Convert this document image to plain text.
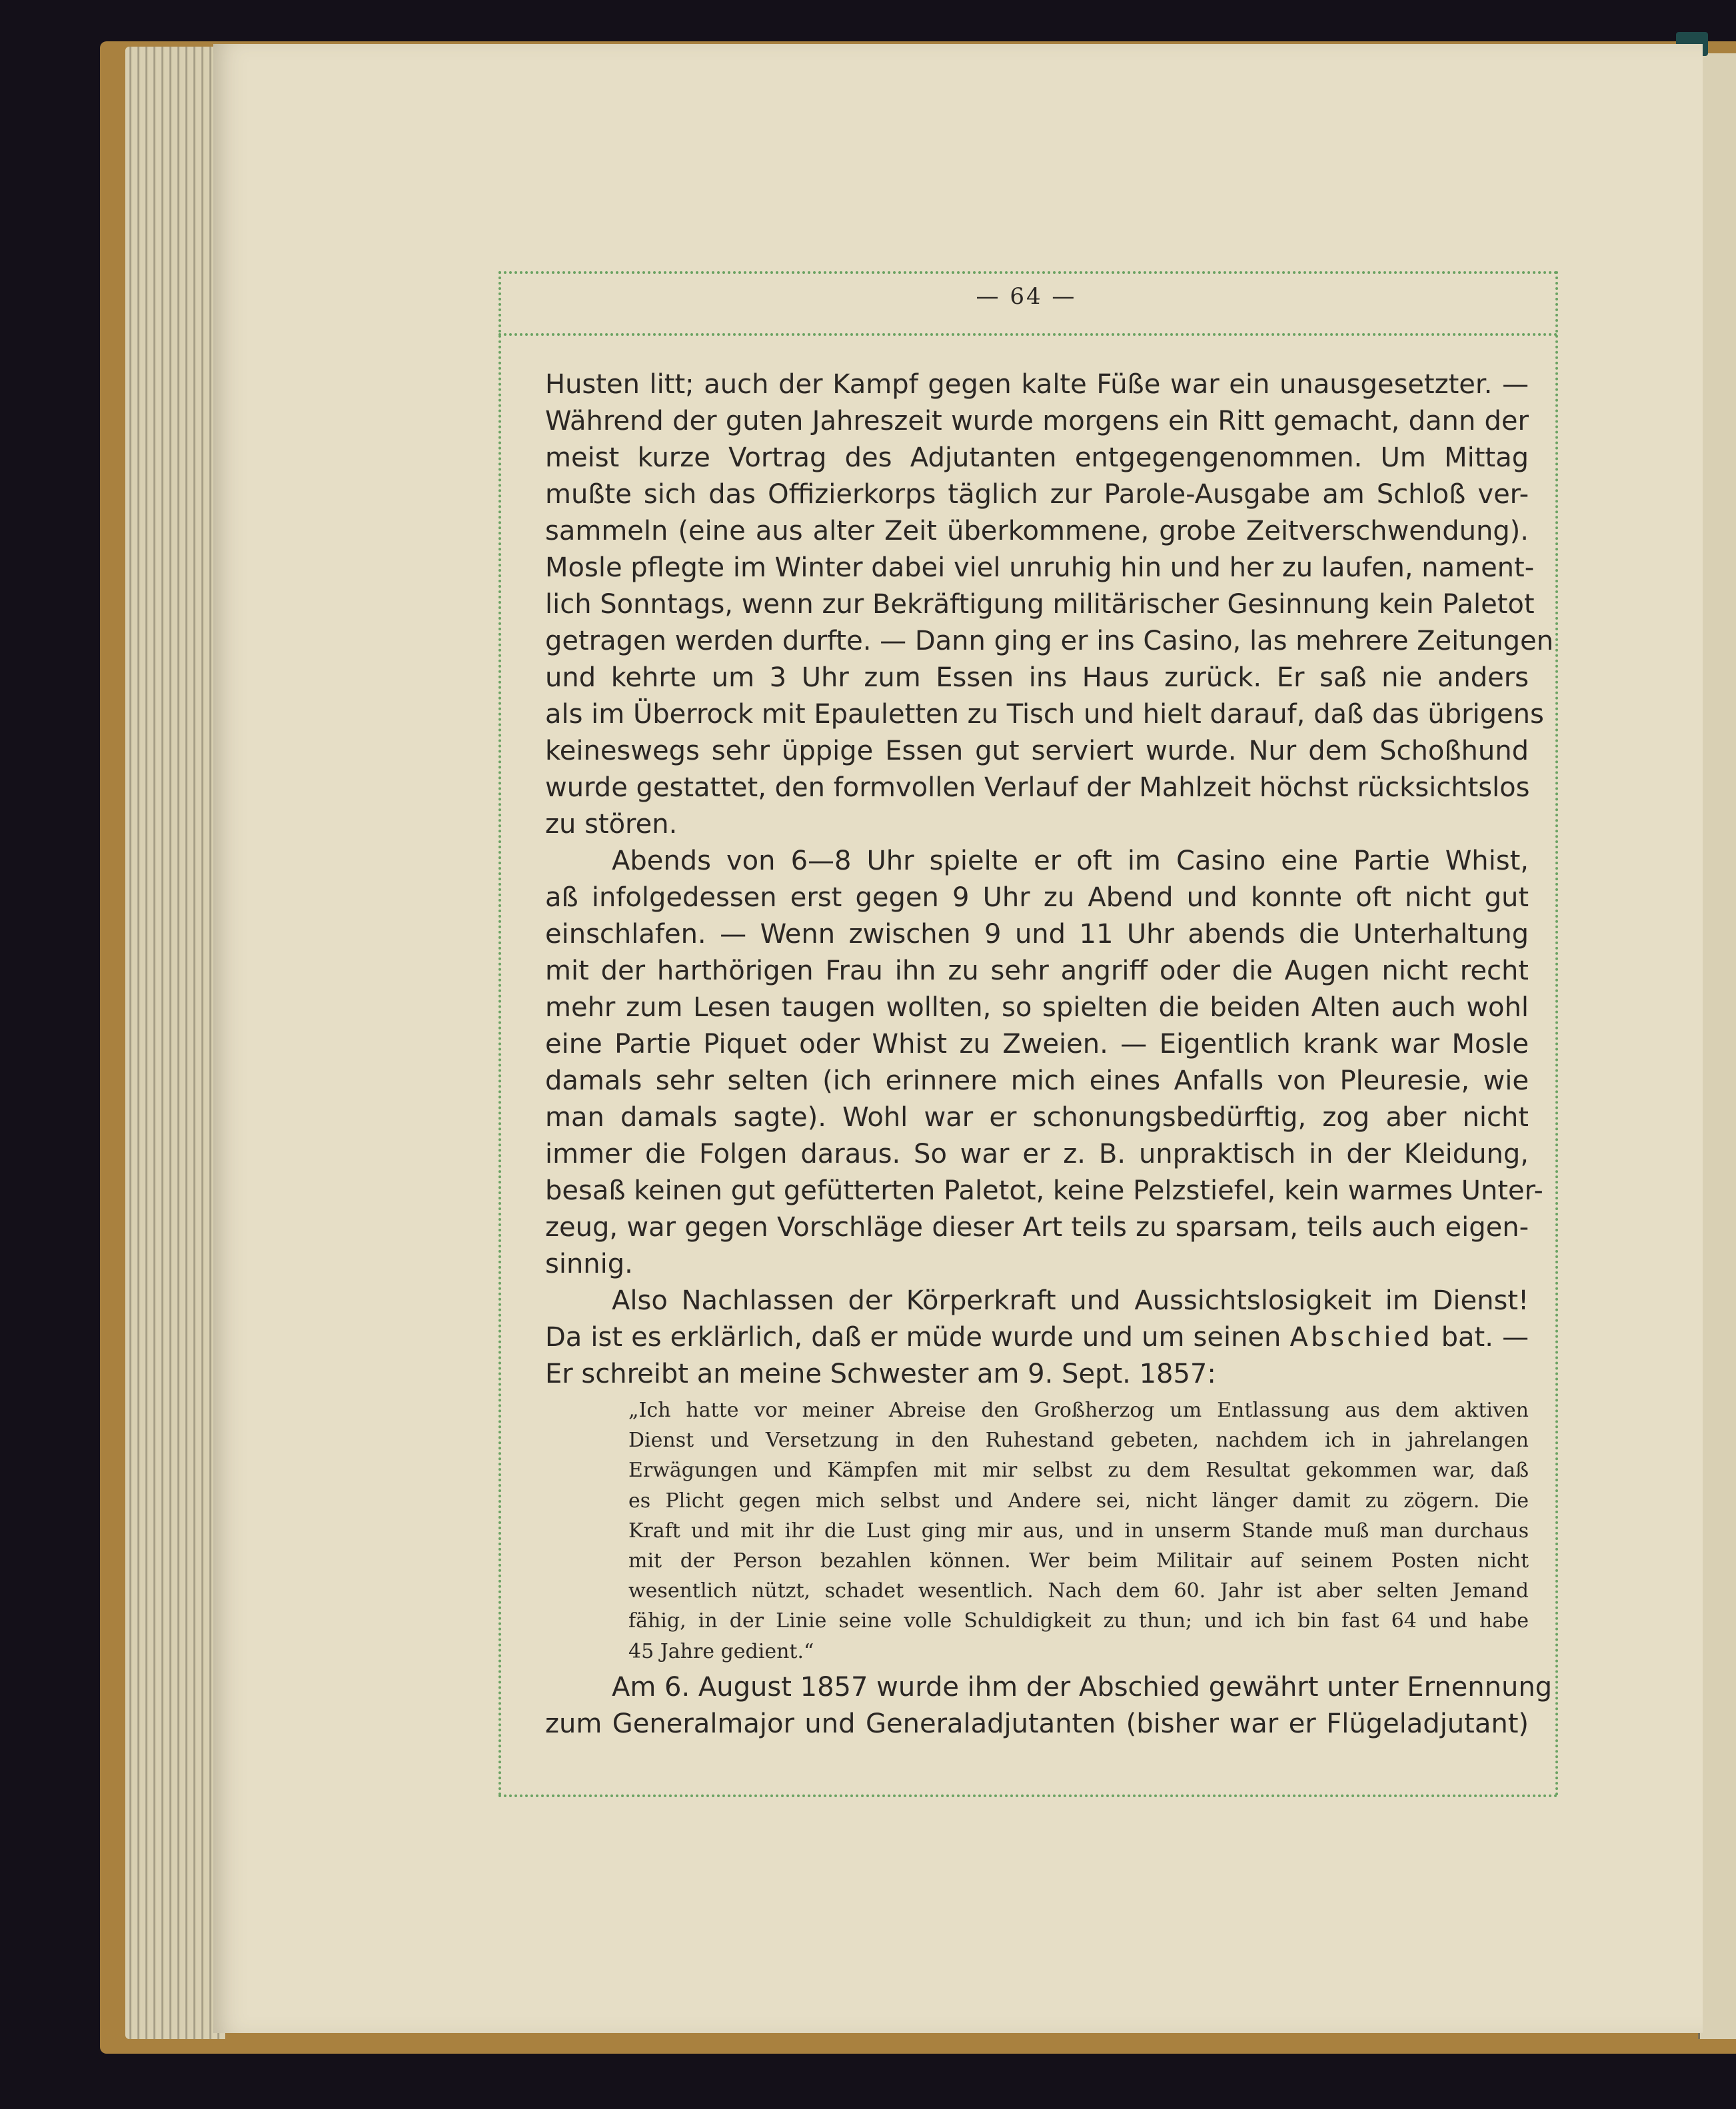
— 64 —
Husten litt; auch der Kampf gegen kalte Füße war ein unausgesetzter. —
Während der guten Jahreszeit wurde morgens ein Ritt gemacht, dann der
meist kurze Vortrag des Adjutanten entgegengenommen. Um Mittag
mußte sich das Offizierkorps täglich zur Parole-Ausgabe am Schloß ver-
sammeln (eine aus alter Zeit überkommene, grobe Zeitverschwendung).
Mosle pflegte im Winter dabei viel unruhig hin und her zu laufen, nament-
lich Sonntags, wenn zur Bekräftigung militärischer Gesinnung kein Paletot
getragen werden durfte. — Dann ging er ins Casino, las mehrere Zeitungen
und kehrte um 3 Uhr zum Essen ins Haus zurück. Er saß nie anders
als im Überrock mit Epauletten zu Tisch und hielt darauf, daß das übrigens
keineswegs sehr üppige Essen gut serviert wurde. Nur dem Schoßhund
wurde gestattet, den formvollen Verlauf der Mahlzeit höchst rücksichtslos
zu stören.
Abends von 6—8 Uhr spielte er oft im Casino eine Partie Whist,
aß infolgedessen erst gegen 9 Uhr zu Abend und konnte oft nicht gut
einschlafen. — Wenn zwischen 9 und 11 Uhr abends die Unterhaltung
mit der harthörigen Frau ihn zu sehr angriff oder die Augen nicht recht
mehr zum Lesen taugen wollten, so spielten die beiden Alten auch wohl
eine Partie Piquet oder Whist zu Zweien. — Eigentlich krank war Mosle
damals sehr selten (ich erinnere mich eines Anfalls von Pleuresie, wie
man damals sagte). Wohl war er schonungsbedürftig, zog aber nicht
immer die Folgen daraus. So war er z. B. unpraktisch in der Kleidung,
besaß keinen gut gefütterten Paletot, keine Pelzstiefel, kein warmes Unter-
zeug, war gegen Vorschläge dieser Art teils zu sparsam, teils auch eigen-
sinnig.
Also Nachlassen der Körperkraft und Aussichtslosigkeit im Dienst!
Da ist es erklärlich, daß er müde wurde und um seinen Abschied bat. —
Er schreibt an meine Schwester am 9. Sept. 1857:
„Ich hatte vor meiner Abreise den Großherzog um Entlassung aus dem aktiven
Dienst und Versetzung in den Ruhestand gebeten, nachdem ich in jahrelangen
Erwägungen und Kämpfen mit mir selbst zu dem Resultat gekommen war, daß
es Plicht gegen mich selbst und Andere sei, nicht länger damit zu zögern. Die
Kraft und mit ihr die Lust ging mir aus, und in unserm Stande muß man durchaus
mit der Person bezahlen können. Wer beim Militair auf seinem Posten nicht
wesentlich nützt, schadet wesentlich. Nach dem 60. Jahr ist aber selten Jemand
fähig, in der Linie seine volle Schuldigkeit zu thun; und ich bin fast 64 und habe
45 Jahre gedient.“
Am 6. August 1857 wurde ihm der Abschied gewährt unter Ernennung
zum Generalmajor und Generaladjutanten (bisher war er Flügeladjutant)
